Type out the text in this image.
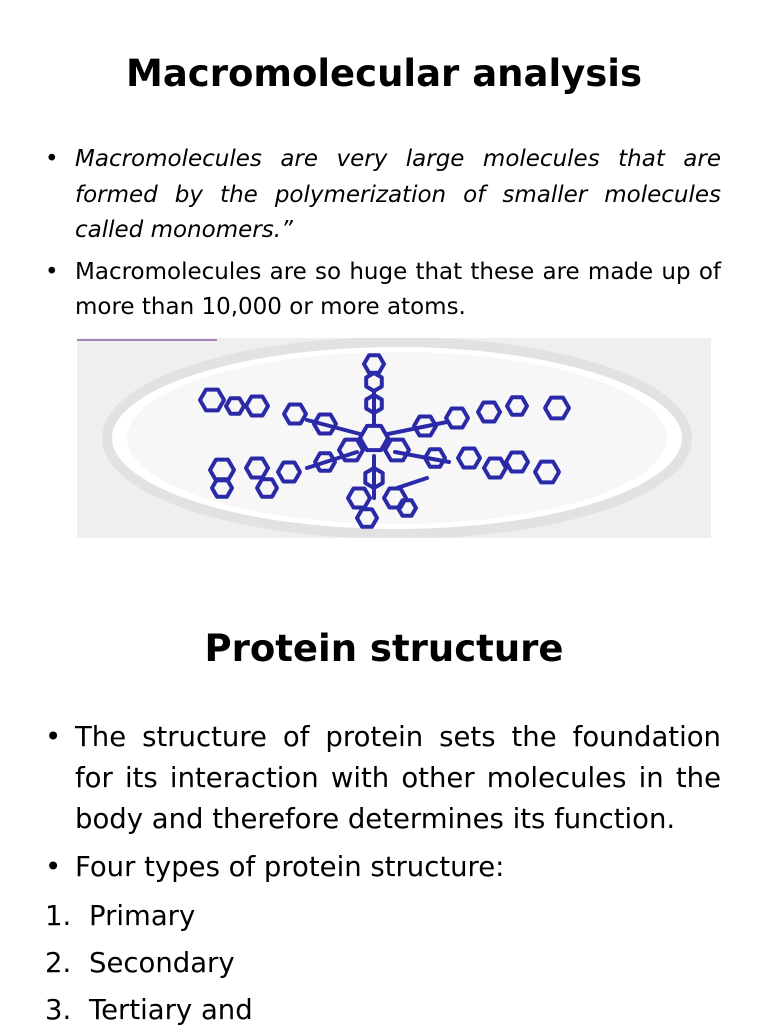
Macromolecular analysis
• Macromolecules are very large molecules that are formed by the polymerization of smaller molecules called monomers.”
• Macromolecules are so huge that these are made up of more than 10,000 or more atoms.
Protein structure
• The structure of protein sets the foundation for its interaction with other molecules in the body and therefore determines its function.
• Four types of protein structure:
1. Primary
2. Secondary
3. Tertiary and
